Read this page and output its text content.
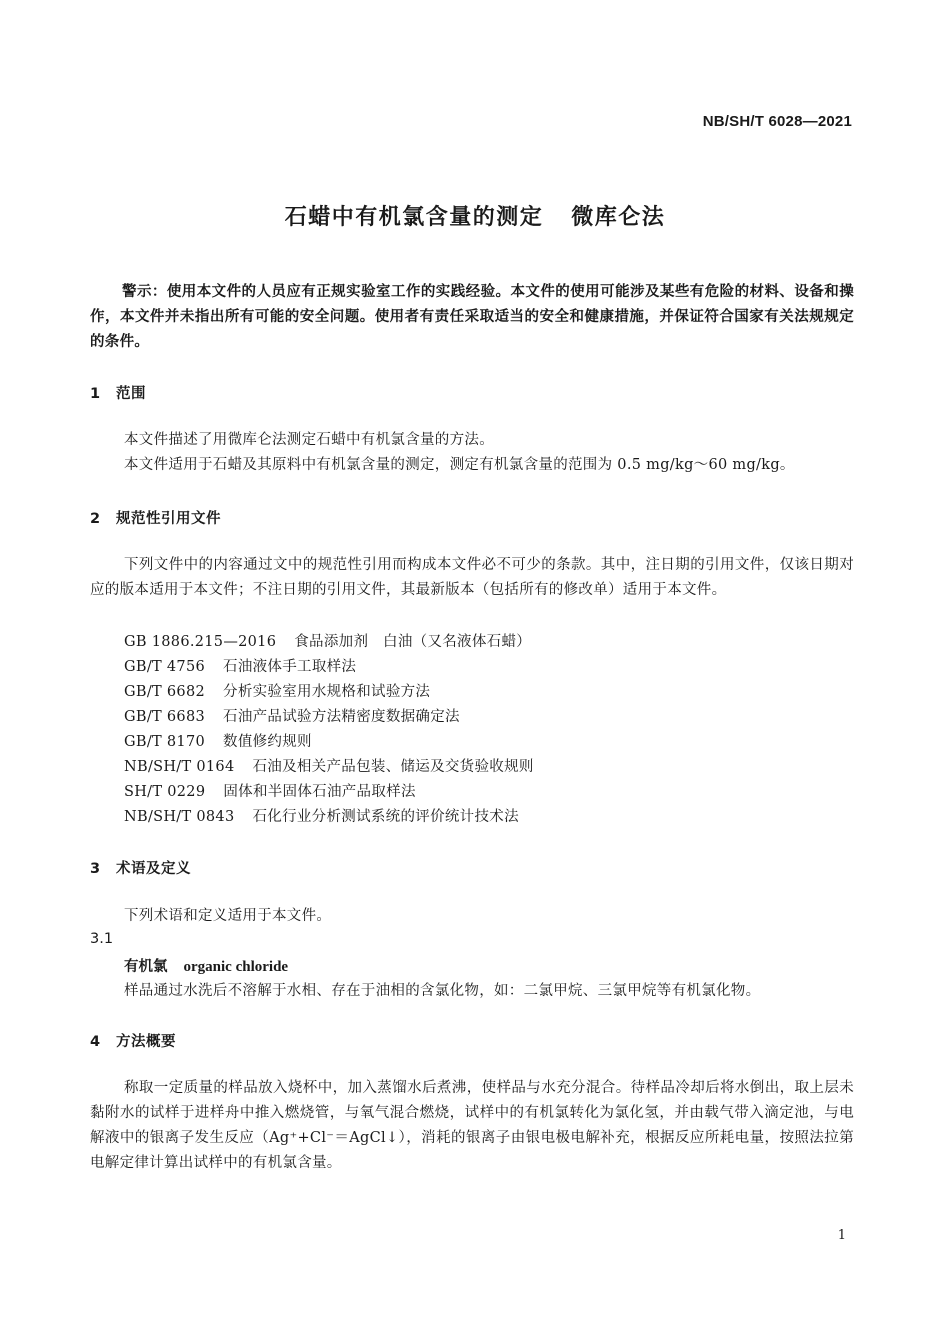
NB/SH/T 6028—2021
石蜡中有机氯含量的测定 微库仑法
警示：使用本文件的人员应有正规实验室工作的实践经验。本文件的使用可能涉及某些有危险的材料、设备和操作，本文件并未指出所有可能的安全问题。使用者有责任采取适当的安全和健康措施，并保证符合国家有关法规规定的条件。
1 范围
本文件描述了用微库仑法测定石蜡中有机氯含量的方法。
本文件适用于石蜡及其原料中有机氯含量的测定，测定有机氯含量的范围为 0.5 mg/kg～60 mg/kg。
2 规范性引用文件
下列文件中的内容通过文中的规范性引用而构成本文件必不可少的条款。其中，注日期的引用文件，仅该日期对应的版本适用于本文件；不注日期的引用文件，其最新版本（包括所有的修改单）适用于本文件。
GB 1886.215—2016 食品添加剂　白油（又名液体石蜡）
GB/T 4756 石油液体手工取样法
GB/T 6682 分析实验室用水规格和试验方法
GB/T 6683 石油产品试验方法精密度数据确定法
GB/T 8170 数值修约规则
NB/SH/T 0164 石油及相关产品包装、储运及交货验收规则
SH/T 0229 固体和半固体石油产品取样法
NB/SH/T 0843 石化行业分析测试系统的评价统计技术法
3 术语及定义
下列术语和定义适用于本文件。
3.1
有机氯 organic chloride
样品通过水洗后不溶解于水相、存在于油相的含氯化物，如：二氯甲烷、三氯甲烷等有机氯化物。
4 方法概要
称取一定质量的样品放入烧杯中，加入蒸馏水后煮沸，使样品与水充分混合。待样品冷却后将水倒出，取上层未黏附水的试样于进样舟中推入燃烧管，与氧气混合燃烧，试样中的有机氯转化为氯化氢，并由载气带入滴定池，与电解液中的银离子发生反应（Ag⁺+Cl⁻＝AgCl↓），消耗的银离子由银电极电解补充，根据反应所耗电量，按照法拉第电解定律计算出试样中的有机氯含量。
1
